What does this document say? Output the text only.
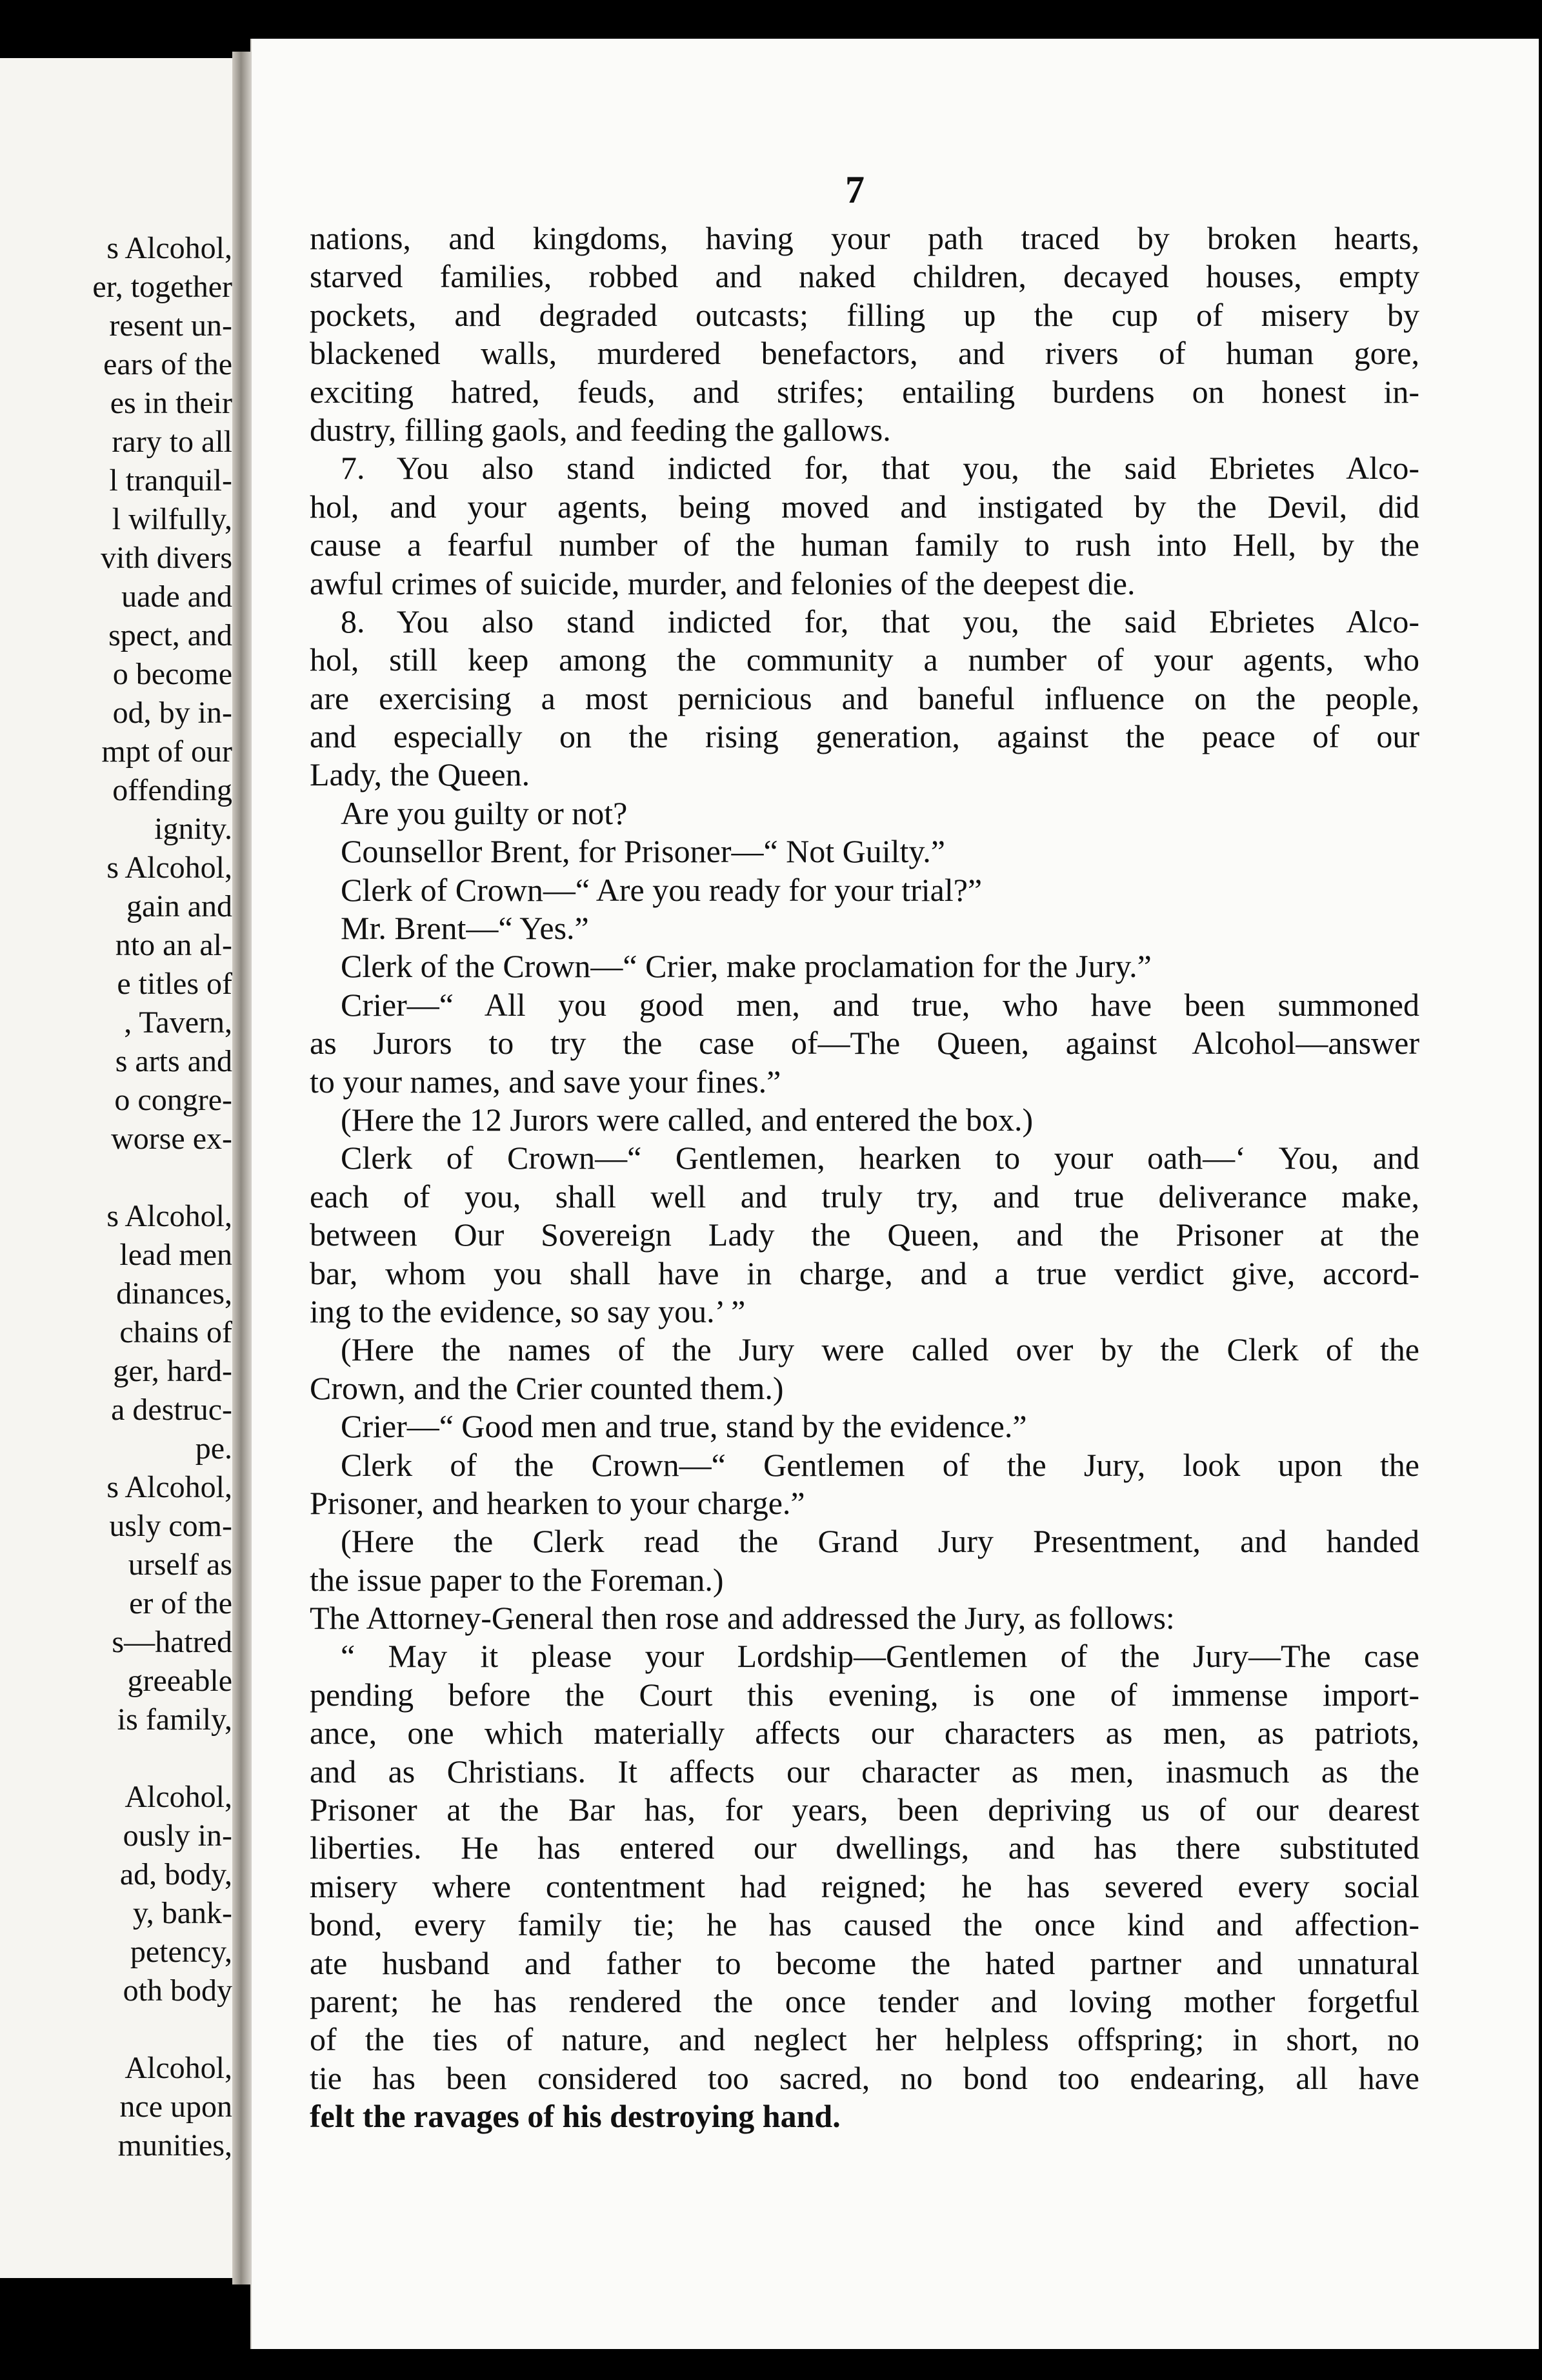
s Alcohol,
er, together
resent un-
ears of the
es in their
rary to all
l tranquil-
l wilfully,
vith divers
uade and
spect, and
o become
od, by in-
mpt of our
offending
ignity.
s Alcohol,
gain and
nto an al-
e titles of
, Tavern,
s arts and
o congre-
worse ex-
s Alcohol,
lead men
dinances,
chains of
ger, hard-
a destruc-
pe.
s Alcohol,
usly com-
urself as
er of the
s—hatred
greeable
is family,
Alcohol,
ously in-
ad, body,
y, bank-
petency,
oth body
Alcohol,
nce upon
munities,
7
nations, and kingdoms, having your path traced by broken hearts,
starved families, robbed and naked children, decayed houses, empty
pockets, and degraded outcasts; filling up the cup of misery by
blackened walls, murdered benefactors, and rivers of human gore,
exciting hatred, feuds, and strifes; entailing burdens on honest in-
dustry, filling gaols, and feeding the gallows.
7. You also stand indicted for, that you, the said Ebrietes Alco-
hol, and your agents, being moved and instigated by the Devil, did
cause a fearful number of the human family to rush into Hell, by the
awful crimes of suicide, murder, and felonies of the deepest die.
8. You also stand indicted for, that you, the said Ebrietes Alco-
hol, still keep among the community a number of your agents, who
are exercising a most pernicious and baneful influence on the people,
and especially on the rising generation, against the peace of our
Lady, the Queen.
Are you guilty or not?
Counsellor Brent, for Prisoner—“ Not Guilty.”
Clerk of Crown—“ Are you ready for your trial?”
Mr. Brent—“ Yes.”
Clerk of the Crown—“ Crier, make proclamation for the Jury.”
Crier—“ All you good men, and true, who have been summoned
as Jurors to try the case of—The Queen, against Alcohol—answer
to your names, and save your fines.”
(Here the 12 Jurors were called, and entered the box.)
Clerk of Crown—“ Gentlemen, hearken to your oath—‘ You, and
each of you, shall well and truly try, and true deliverance make,
between Our Sovereign Lady the Queen, and the Prisoner at the
bar, whom you shall have in charge, and a true verdict give, accord-
ing to the evidence, so say you.’ ”
(Here the names of the Jury were called over by the Clerk of the
Crown, and the Crier counted them.)
Crier—“ Good men and true, stand by the evidence.”
Clerk of the Crown—“ Gentlemen of the Jury, look upon the
Prisoner, and hearken to your charge.”
(Here the Clerk read the Grand Jury Presentment, and handed
the issue paper to the Foreman.)
The Attorney-General then rose and addressed the Jury, as follows:
“ May it please your Lordship—Gentlemen of the Jury—The case
pending before the Court this evening, is one of immense import-
ance, one which materially affects our characters as men, as patriots,
and as Christians. It affects our character as men, inasmuch as the
Prisoner at the Bar has, for years, been depriving us of our dearest
liberties. He has entered our dwellings, and has there substituted
misery where contentment had reigned; he has severed every social
bond, every family tie; he has caused the once kind and affection-
ate husband and father to become the hated partner and unnatural
parent; he has rendered the once tender and loving mother forgetful
of the ties of nature, and neglect her helpless offspring; in short, no
tie has been considered too sacred, no bond too endearing, all have
felt the ravages of his destroying hand.
